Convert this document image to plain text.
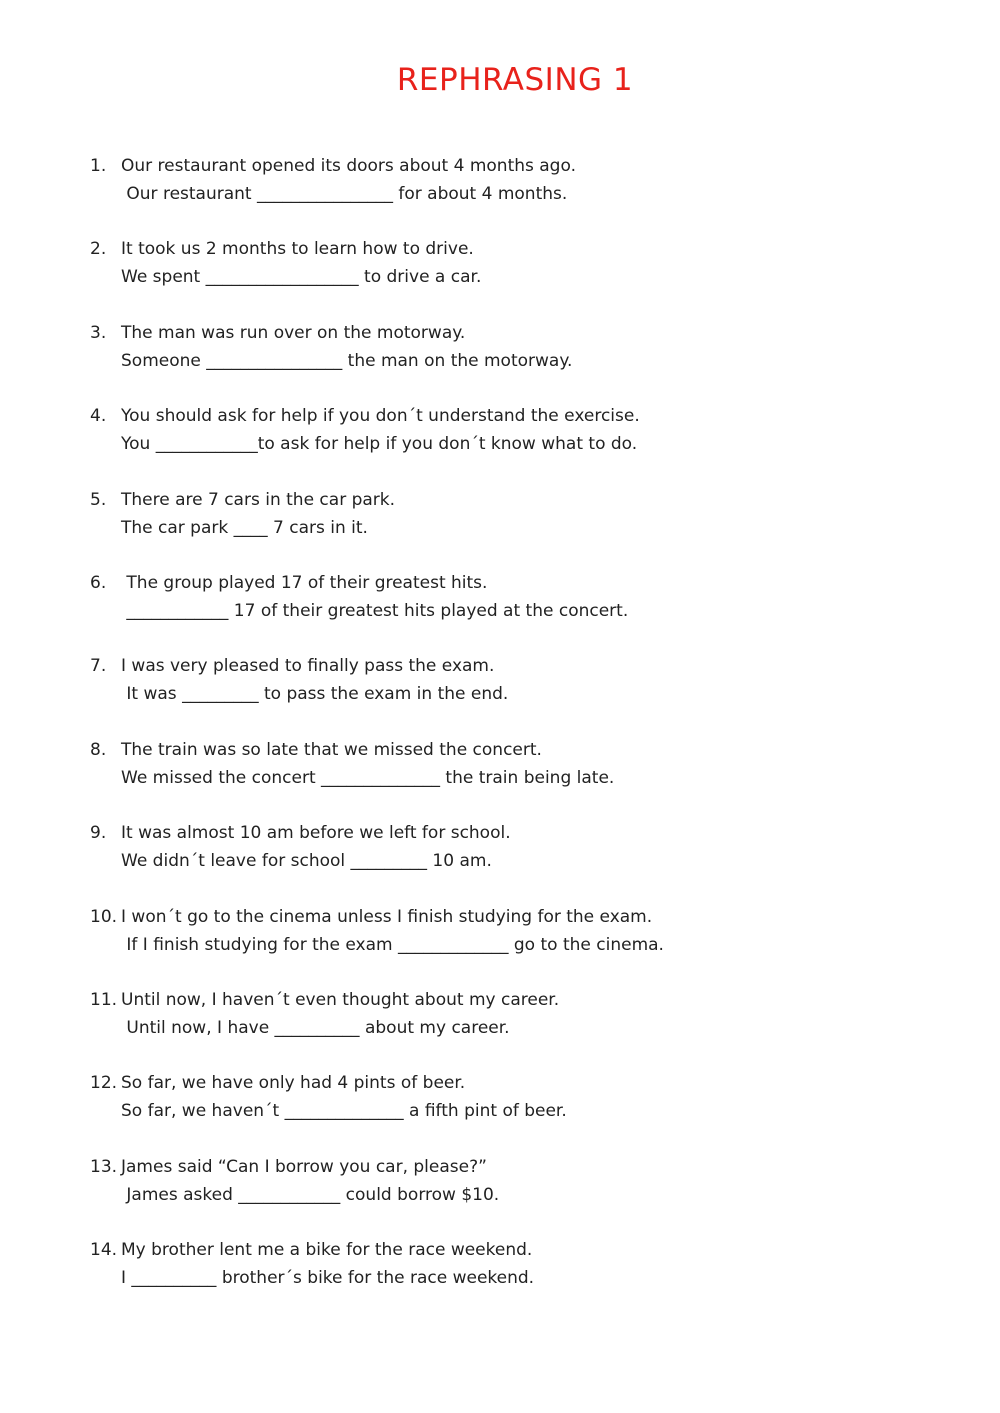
REPHRASING 1
1. Our restaurant opened its doors about 4 months ago.
Our restaurant ________________ for about 4 months.
2. It took us 2 months to learn how to drive.
We spent __________________ to drive a car.
3. The man was run over on the motorway.
Someone ________________ the man on the motorway.
4. You should ask for help if you don´t understand the exercise.
You ____________to ask for help if you don´t know what to do.
5. There are 7 cars in the car park.
The car park ____ 7 cars in it.
6. The group played 17 of their greatest hits.
____________ 17 of their greatest hits played at the concert.
7. I was very pleased to finally pass the exam.
It was _________ to pass the exam in the end.
8. The train was so late that we missed the concert.
We missed the concert ______________ the train being late.
9. It was almost 10 am before we left for school.
We didn´t leave for school _________ 10 am.
10. I won´t go to the cinema unless I finish studying for the exam.
If I finish studying for the exam _____________ go to the cinema.
11. Until now, I haven´t even thought about my career.
Until now, I have __________ about my career.
12. So far, we have only had 4 pints of beer.
So far, we haven´t ______________ a fifth pint of beer.
13. James said “Can I borrow you car, please?”
James asked ____________ could borrow $10.
14. My brother lent me a bike for the race weekend.
I __________ brother´s bike for the race weekend.
